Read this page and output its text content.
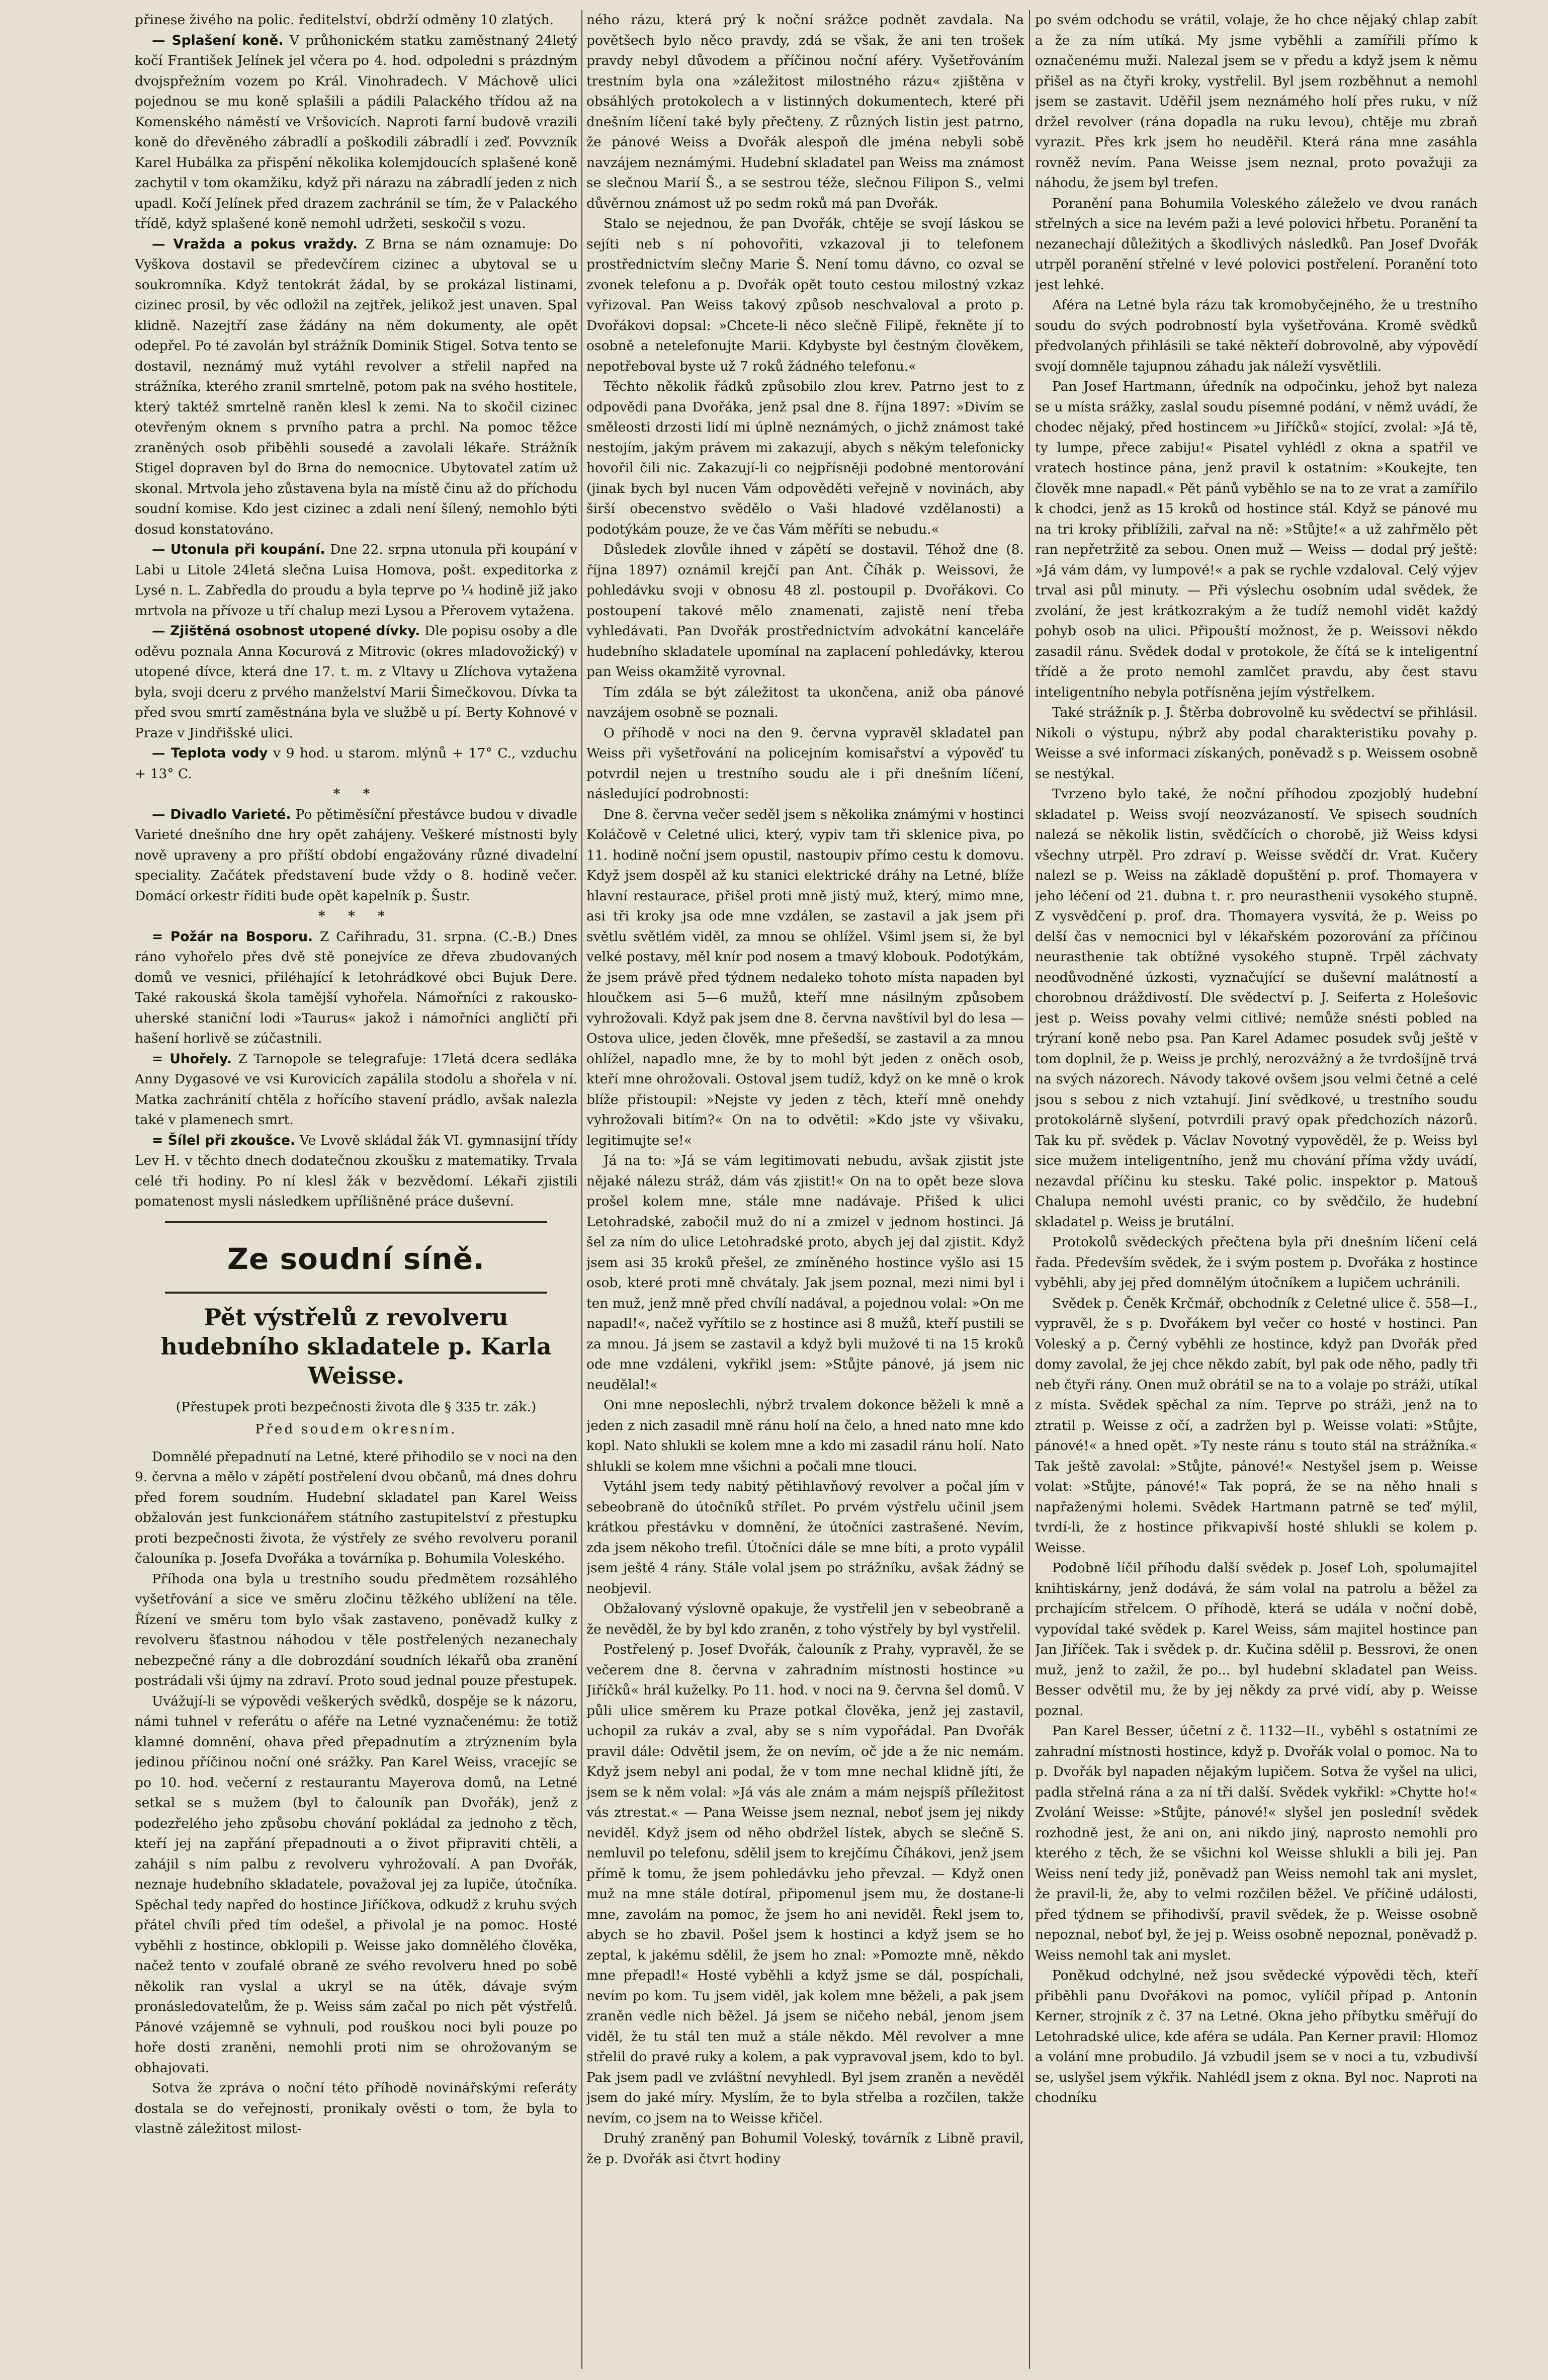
přinese živého na polic. ředitelství, obdrží odměny 10 zlatých.

— Splašení koně. V průhonickém statku zaměstnaný 24letý kočí František Jelínek jel včera po 4. hod. odpoledni s prázdným dvojspřežním vozem po Král. Vinohradech. V Máchově ulici pojednou se mu koně splašili a pádili Palackého třídou až na Komenského náměstí ve Vršovicích. Naproti farní budově vrazili koně do dřevěného zábradlí a poškodili zábradlí i zeď. Povvzník Karel Hubálka za přispění několika kolemjdoucích splašené koně zachytil v tom okamžiku, když při nárazu na zábradlí jeden z nich upadl. Kočí Jelínek před drazem zachránil se tím, že v Palackého třídě, když splašené koně nemohl udržeti, seskočil s vozu.

— Vražda a pokus vraždy. Z Brna se nám oznamuje: Do Vyškova dostavil se předevčírem cizinec a ubytoval se u soukromníka. Když tentokrát žádal, by se prokázal listinami, cizinec prosil, by věc odložil na zejtřek, jelikož jest unaven. Spal klidně. Nazejtří zase žádány na něm dokumenty, ale opět odepřel. Po té zavolán byl strážník Dominik Stigel. Sotva tento se dostavil, neznámý muž vytáhl revolver a střelil napřed na strážníka, kterého zranil smrtelně, potom pak na svého hostitele, který taktéž smrtelně raněn klesl k zemi. Na to skočil cizinec otevřeným oknem s prvního patra a prchl. Na pomoc těžce zraněných osob přiběhli sousedé a zavolali lékaře. Strážník Stigel dopraven byl do Brna do nemocnice. Ubytovatel zatím už skonal. Mrtvola jeho zůstavena byla na místě činu až do příchodu soudní komise. Kdo jest cizinec a zdali není šílený, nemohlo býti dosud konstatováno.

— Utonula při koupání. Dne 22. srpna utonula při koupání v Labi u Litole 24letá slečna Luisa Homova, pošt. expeditorka z Lysé n. L. Zabředla do proudu a byla teprve po ¼ hodině již jako mrtvola na přívoze u tří chalup mezi Lysou a Přerovem vytažena.

— Zjištěná osobnost utopené dívky. Dle popisu osoby a dle oděvu poznala Anna Kocurová z Mitrovic (okres mladovožický) v utopené dívce, která dne 17. t. m. z Vltavy u Zlíchova vytažena byla, svoji dceru z prvého manželství Marii Šimečkovou. Dívka ta před svou smrtí zaměstnána byla ve službě u pí. Berty Kohnové v Praze v Jindřišské ulici.

— Teplota vody v 9 hod. u starom. mlýnů + 17° C., vzduchu + 13° C.

* *

— Divadlo Varieté. Po pětiměsíční přestávce budou v divadle Varieté dnešního dne hry opět zahájeny. Veškeré místnosti byly nově upraveny a pro příští období engažovány různé divadelní speciality. Začátek představení bude vždy o 8. hodině večer. Domácí orkestr říditi bude opět kapelník p. Šustr.

* * *

= Požár na Bosporu. Z Cařihradu, 31. srpna. (C.-B.) Dnes ráno vyhořelo přes dvě stě ponejvíce ze dřeva zbudovaných domů ve vesnici, přiléhající k letohrádkové obci Bujuk Dere. Také rakouská škola tamější vyhořela. Námořníci z rakousko-uherské staniční lodi »Taurus« jakož i námořníci angličtí při hašení horlivě se zúčastnili.

= Uhořely. Z Tarnopole se telegrafuje: 17letá dcera sedláka Anny Dygasové ve vsi Kurovicích zapálila stodolu a shořela v ní. Matka zachránití chtěla z hořícího stavení prádlo, avšak nalezla také v plamenech smrt.

= Šílel při zkoušce. Ve Lvově skládal žák VI. gymnasijní třídy Lev H. v těchto dnech dodatečnou zkoušku z matematiky. Trvala celé tři hodiny. Po ní klesl žák v bezvědomí. Lékaři zjistili pomatenost mysli následkem upřílišněné práce duševní.

Ze soudní síně.
Pět výstřelů z revolveru hudebního skladatele p. Karla Weisse.

(Přestupek proti bezpečnosti života dle § 335 tr. zák.)

Před soudem okresním.

Domnělé přepadnutí na Letné, které přihodilo se v noci na den 9. června a mělo v zápětí postřelení dvou občanů, má dnes dohru před forem soudním. Hudební skladatel pan Karel Weiss obžalován jest funkcionářem státního zastupitelství z přestupku proti bezpečnosti života, že výstřely ze svého revolveru poranil čalouníka p. Josefa Dvořáka a továrníka p. Bohumila Voleského.

Příhoda ona byla u trestního soudu předmětem rozsáhlého vyšetřování a sice ve směru zločinu těžkého ublížení na těle. Řízení ve směru tom bylo však zastaveno, poněvadž kulky z revolveru šťastnou náhodou v těle postřelených nezanechaly nebezpečné rány a dle dobrozdání soudních lékařů oba zranění postrádali vši újmy na zdraví. Proto soud jednal pouze přestupek.

Uvážují-li se výpovědi veškerých svědků, dospěje se k názoru, námi tuhnel v referátu o aféře na Letné vyznačenému: že totiž klamné domnění, ohava před přepadnutím a ztrýznením byla jedinou příčinou noční oné srážky. Pan Karel Weiss, vracejíc se po 10. hod. večerní z restaurantu Mayerova domů, na Letné setkal se s mužem (byl to čalouník pan Dvořák), jenž z podezřelého jeho způsobu chování pokládal za jednoho z těch, kteří jej na zapřání přepadnouti a o život připraviti chtěli, a zahájil s ním palbu z revolveru vyhrožovalí. A pan Dvořák, neznaje hudebního skladatele, považoval jej za lupiče, útočníka. Spěchal tedy napřed do hostince Jiříčkova, odkudž z kruhu svých přátel chvíli před tím odešel, a přivolal je na pomoc. Hosté vyběhli z hostince, obklopili p. Weisse jako domnělého člověka, načež tento v zoufalé obraně ze svého revolveru hned po sobě několik ran vyslal a ukryl se na útěk, dávaje svým pronásledovatelům, že p. Weiss sám začal po nich pět výstřelů. Pánové vzájemně se vyhnuli, pod rouškou noci byli pouze po hoře dosti zraněni, nemohli proti nim se ohrožovaným se obhajovati.

Sotva že zpráva o noční této příhodě novinářskými referáty dostala se do veřejnosti, pronikaly ověsti o tom, že byla to vlastně záležitost milost-

ného rázu, která prý k noční srážce podnět zavdala. Na povětšech bylo něco pravdy, zdá se však, že ani ten trošek pravdy nebyl důvodem a příčinou noční aféry. Vyšetřováním trestním byla ona »záležitost milostného rázu« zjištěna v obsáhlých protokolech a v listinných dokumentech, které při dnešním líčení také byly přečteny. Z různých listin jest patrno, že pánové Weiss a Dvořák alespoň dle jména nebyli sobě navzájem neznámými. Hudební skladatel pan Weiss ma známost se slečnou Marií Š., a se sestrou téže, slečnou Filipon S., velmi důvěrnou známost už po sedm roků má pan Dvořák.

Stalo se nejednou, že pan Dvořák, chtěje se svojí láskou se sejíti neb s ní pohovořiti, vzkazoval ji to telefonem prostřednictvím slečny Marie Š. Není tomu dávno, co ozval se zvonek telefonu a p. Dvořák opět touto cestou milostný vzkaz vyřizoval. Pan Weiss takový způsob neschvaloval a proto p. Dvořákovi dopsal: »Chcete-li něco slečně Filipě, řekněte jí to osobně a netelefonujte Marii. Kdybyste byl čestným člověkem, nepotřeboval byste už 7 roků žádného telefonu.«

Těchto několik řádků způsobilo zlou krev. Patrno jest to z odpovědi pana Dvořáka, jenž psal dne 8. října 1897: »Divím se směleosti drzosti lidí mi úplně neznámých, o jichž známost také nestojím, jakým právem mi zakazují, abych s někým telefonicky hovořil čili nic. Zakazují-li co nejpřísněji podobné mentorování (jinak bych byl nucen Vám odpověděti veřejně v novinách, aby širší obecenstvo svědělo o Vaši hladové vzdělanosti) a podotýkám pouze, že ve čas Vám měříti se nebudu.«

Důsledek zlovůle ihned v zápětí se dostavil. Téhož dne (8. října 1897) oznámil krejčí pan Ant. Číhák p. Weissovi, že pohledávku svoji v obnosu 48 zl. postoupil p. Dvořákovi. Co postoupení takové mělo znamenati, zajistě není třeba vyhledávati. Pan Dvořák prostřednictvím advokátní kanceláře hudebního skladatele upomínal na zaplacení pohledávky, kterou pan Weiss okamžitě vyrovnal.

Tím zdála se být záležitost ta ukončena, aniž oba pánové navzájem osobně se poznali.

O příhodě v noci na den 9. června vypravěl skladatel pan Weiss při vyšetřování na policejním komisařství a výpověď tu potvrdil nejen u trestního soudu ale i při dnešním líčení, následující podrobnosti:

Dne 8. června večer seděl jsem s několika známými v hostinci Koláčově v Celetné ulici, který, vypiv tam tři sklenice piva, po 11. hodině noční jsem opustil, nastoupiv přímo cestu k domovu. Když jsem dospěl až ku stanici elektrické dráhy na Letné, blíže hlavní restaurace, přišel proti mně jistý muž, který, mimo mne, asi tři kroky jsa ode mne vzdálen, se zastavil a jak jsem při světlu světlém viděl, za mnou se ohlížel. Všiml jsem si, že byl velké postavy, měl knír pod nosem a tmavý klobouk. Podotýkám, že jsem právě před týdnem nedaleko tohoto místa napaden byl hloučkem asi 5—6 mužů, kteří mne násilným způsobem vyhrožovali. Když pak jsem dne 8. června navštívil byl do lesa — Ostova ulice, jeden člověk, mne přešedší, se zastavil a za mnou ohlížel, napadlo mne, že by to mohl být jeden z oněch osob, kteří mne ohrožovali. Ostoval jsem tudíž, když on ke mně o krok blíže přistoupil: »Nejste vy jeden z těch, kteří mně onehdy vyhrožovali bitím?« On na to odvětil: »Kdo jste vy všivaku, legitimujte se!«

Já na to: »Já se vám legitimovati nebudu, avšak zjistit jste nějaké nálezu stráž, dám vás zjistit!« On na to opět beze slova prošel kolem mne, stále mne nadávaje. Přišed k ulici Letohradské, zabočil muž do ní a zmizel v jednom hostinci. Já šel za ním do ulice Letohradské proto, abych jej dal zjistit. Když jsem asi 35 kroků přešel, ze zmíněného hostince vyšlo asi 15 osob, které proti mně chvátaly. Jak jsem poznal, mezi nimi byl i ten muž, jenž mně před chvílí nadával, a pojednou volal: »On me napadl!«, načež vyřítilo se z hostince asi 8 mužů, kteří pustili se za mnou. Já jsem se zastavil a když byli mužové ti na 15 kroků ode mne vzdáleni, vykřikl jsem: »Stůjte pánové, já jsem nic neudělal!«

Oni mne neposlechli, nýbrž trvalem dokonce běželi k mně a jeden z nich zasadil mně ránu holí na čelo, a hned nato mne kdo kopl. Nato shlukli se kolem mne a kdo mi zasadil ránu holí. Nato shlukli se kolem mne všichni a počali mne tlouci.

Vytáhl jsem tedy nabitý pětihlavňový revolver a počal jím v sebeobraně do útočníků střílet. Po prvém výstřelu učinil jsem krátkou přestávku v domnění, že útočníci zastrašené. Nevím, zda jsem někoho trefil. Útočníci dále se mne bíti, a proto vypálil jsem ještě 4 rány. Stále volal jsem po strážníku, avšak žádný se neobjevil.

Obžalovaný výslovně opakuje, že vystřelil jen v sebeobraně a že nevěděl, že by byl kdo zraněn, z toho výstřely by byl vystřelil.

Postřelený p. Josef Dvořák, čalouník z Prahy, vypravěl, že se večerem dne 8. června v zahradním místnosti hostince »u Jiříčků« hrál kuželky. Po 11. hod. v noci na 9. června šel domů. V půli ulice směrem ku Praze potkal člověka, jenž jej zastavil, uchopil za rukáv a zval, aby se s ním vypořádal. Pan Dvořák pravil dále: Odvětil jsem, že on nevím, oč jde a že nic nemám. Když jsem nebyl ani podal, že v tom mne nechal klidně jíti, že jsem se k něm volal: »Já vás ale znám a mám nejspíš příležitost vás ztrestat.« — Pana Weisse jsem neznal, neboť jsem jej nikdy neviděl. Když jsem od něho obdržel lístek, abych se slečně S. nemluvil po telefonu, sdělil jsem to krejčímu Číhákovi, jenž jsem přímě k tomu, že jsem pohledávku jeho převzal. — Když onen muž na mne stále dotíral, připomenul jsem mu, že dostane-li mne, zavolám na pomoc, že jsem ho ani neviděl. Řekl jsem to, abych se ho zbavil. Pošel jsem k hostinci a když jsem se ho zeptal, k jakému sdělil, že jsem ho znal: »Pomozte mně, někdo mne přepadl!« Hosté vyběhli a když jsme se dál, pospíchali, nevím po kom. Tu jsem viděl, jak kolem mne běželi, a pak jsem zraněn vedle nich běžel. Já jsem se ničeho nebál, jenom jsem viděl, že tu stál ten muž a stále někdo. Měl revolver a mne střelil do pravé ruky a kolem, a pak vypravoval jsem, kdo to byl. Pak jsem padl ve zvláštní nevyhledl. Byl jsem zraněn a nevěděl jsem do jaké míry. Myslím, že to byla střelba a rozčilen, takže nevím, co jsem na to Weisse křičel.

Druhý zraněný pan Bohumil Voleský, továrník z Libně pravil, že p. Dvořák asi čtvrt hodiny

po svém odchodu se vrátil, volaje, že ho chce nějaký chlap zabít a že za ním utíká. My jsme vyběhli a zamířili přímo k označenému muži. Nalezal jsem se v předu a když jsem k němu přišel as na čtyři kroky, vystřelil. Byl jsem rozběhnut a nemohl jsem se zastavit. Uděřil jsem neznámého holí přes ruku, v níž držel revolver (rána dopadla na ruku levou), chtěje mu zbraň vyrazit. Přes krk jsem ho neuděřil. Která rána mne zasáhla rovněž nevím. Pana Weisse jsem neznal, proto považuji za náhodu, že jsem byl trefen.

Poranění pana Bohumila Voleského záleželo ve dvou ranách střelných a sice na levém paži a levé polovici hřbetu. Poranění ta nezanechají důležitých a škodlivých následků. Pan Josef Dvořák utrpěl poranění střelné v levé polovici postřelení. Poranění toto jest lehké.

Aféra na Letné byla rázu tak kromobyčejného, že u trestního soudu do svých podrobností byla vyšetřována. Kromě svědků předvolaných přihlásili se také někteří dobrovolně, aby výpovědí svojí domněle tajupnou záhadu jak náleží vysvětlili.

Pan Josef Hartmann, úředník na odpočinku, jehož byt naleza se u místa srážky, zaslal soudu písemné podání, v němž uvádí, že chodec nějaký, před hostincem »u Jiříčků« stojící, zvolal: »Já tě, ty lumpe, přece zabiju!« Pisatel vyhlédl z okna a spatřil ve vratech hostince pána, jenž pravil k ostatním: »Koukejte, ten člověk mne napadl.« Pět pánů vyběhlo se na to ze vrat a zamířilo k chodci, jenž as 15 kroků od hostince stál. Když se pánové mu na tri kroky přiblížili, zařval na ně: »Stůjte!« a už zahřmělo pět ran nepřetržitě za sebou. Onen muž — Weiss — dodal prý ještě: »Já vám dám, vy lumpové!« a pak se rychle vzdaloval. Celý výjev trval asi půl minuty. — Při výslechu osobním udal svědek, že zvolání, že jest krátkozrakým a že tudíž nemohl vidět každý pohyb osob na ulici. Připouští možnost, že p. Weissovi někdo zasadil ránu. Svědek dodal v protokole, že čítá se k inteligentní třídě a že proto nemohl zamlčet pravdu, aby čest stavu inteligentního nebyla potřísněna jejím výstřelkem.

Také strážník p. J. Štěrba dobrovolně ku svědectví se přihlásil. Nikoli o výstupu, nýbrž aby podal charakteristiku povahy p. Weisse a své informaci získaných, poněvadž s p. Weissem osobně se nestýkal.

Tvrzeno bylo také, že noční příhodou zpozjoblý hudební skladatel p. Weiss svojí neozvázaností. Ve spisech soudních nalezá se několik listin, svědčících o chorobě, již Weiss kdysi všechny utrpěl. Pro zdraví p. Weisse svědčí dr. Vrat. Kučery nalezl se p. Weiss na základě dopuštění p. prof. Thomayera v jeho léčení od 21. dubna t. r. pro neurasthenii vysokého stupně. Z vysvědčení p. prof. dra. Thomayera vysvítá, že p. Weiss po delší čas v nemocnici byl v lékařském pozorování za příčinou neurasthenie tak obtížné vysokého stupně. Trpěl záchvaty neodůvodněné úzkosti, vyznačující se duševní malátností a chorobnou dráždivostí. Dle svědectví p. J. Seiferta z Holešovic jest p. Weiss povahy velmi citlivé; nemůže snésti pobled na trýraní koně nebo psa. Pan Karel Adamec posudek svůj ještě v tom doplnil, že p. Weiss je prchlý, nerozvážný a že tvrdošíjně trvá na svých názorech. Návody takové ovšem jsou velmi četné a celé jsou s sebou z nich vztahují. Jiní svědkové, u trestního soudu protokolárně slyšení, potvrdili pravý opak předchozích názorů. Tak ku př. svědek p. Václav Novotný vypověděl, že p. Weiss byl sice mužem inteligentního, jenž mu chování příma vždy uvádí, nezavdal příčinu ku stesku. Také polic. inspektor p. Matouš Chalupa nemohl uvésti pranic, co by svědčilo, že hudební skladatel p. Weiss je brutální.

Protokolů svědeckých přečtena byla při dnešním líčení celá řada. Především svědek, že i svým postem p. Dvořáka z hostince vyběhli, aby jej před domnělým útočníkem a lupičem uchránili.

Svědek p. Čeněk Krčmář, obchodník z Celetné ulice č. 558—I., vypravěl, že s p. Dvořákem byl večer co hosté v hostinci. Pan Voleský a p. Černý vyběhli ze hostince, když pan Dvořák před domy zavolal, že jej chce někdo zabít, byl pak ode něho, padly tři neb čtyři rány. Onen muž obrátil se na to a volaje po stráži, utíkal z místa. Svědek spěchal za ním. Teprve po stráži, jenž na to ztratil p. Weisse z očí, a zadržen byl p. Weisse volati: »Stůjte, pánové!« a hned opět. »Ty neste ránu s touto stál na strážníka.« Tak ještě zavolal: »Stůjte, pánové!« Nestyšel jsem p. Weisse volat: »Stůjte, pánové!« Tak poprá, že se na něho hnali s napřaženými holemi. Svědek Hartmann patrně se teď mýlil, tvrdí-li, že z hostince přikvapivší hosté shlukli se kolem p. Weisse.

Podobně líčil příhodu další svědek p. Josef Loh, spolumajitel knihtiskárny, jenž dodává, že sám volal na patrolu a běžel za prchajícím střelcem. O příhodě, která se udála v noční době, vypovídal také svědek p. Karel Weiss, sám majitel hostince pan Jan Jiříček. Tak i svědek p. dr. Kučina sdělil p. Bessrovi, že onen muž, jenž to zažil, že po... byl hudební skladatel pan Weiss. Besser odvětil mu, že by jej někdy za prvé vidí, aby p. Weisse poznal.

Pan Karel Besser, účetní z č. 1132—II., vyběhl s ostatními ze zahradní místnosti hostince, když p. Dvořák volal o pomoc. Na to p. Dvořák byl napaden nějakým lupičem. Sotva že vyšel na ulici, padla střelná rána a za ní tři další. Svědek vykřikl: »Chytte ho!« Zvolání Weisse: »Stůjte, pánové!« slyšel jen poslední! svědek rozhodně jest, že ani on, ani nikdo jiný, naprosto nemohli pro kterého z těch, že se všichni kol Weisse shlukli a bili jej. Pan Weiss není tedy již, poněvadž pan Weiss nemohl tak ani myslet, že pravil-li, že, aby to velmi rozčilen běžel. Ve příčině události, před týdnem se přihodivší, pravil svědek, že p. Weisse osobně nepoznal, neboť byl, že jej p. Weiss osobně nepoznal, poněvadž p. Weiss nemohl tak ani myslet.

Poněkud odchylné, než jsou svědecké výpovědi těch, kteří přiběhli panu Dvořákovi na pomoc, vylíčil případ p. Antonín Kerner, strojník z č. 37 na Letné. Okna jeho příbytku směřují do Letohradské ulice, kde aféra se udála. Pan Kerner pravil: Hlomoz a volání mne probudilo. Já vzbudil jsem se v noci a tu, vzbudivší se, uslyšel jsem výkřik. Nahlédl jsem z okna. Byl noc. Naproti na chodníku
